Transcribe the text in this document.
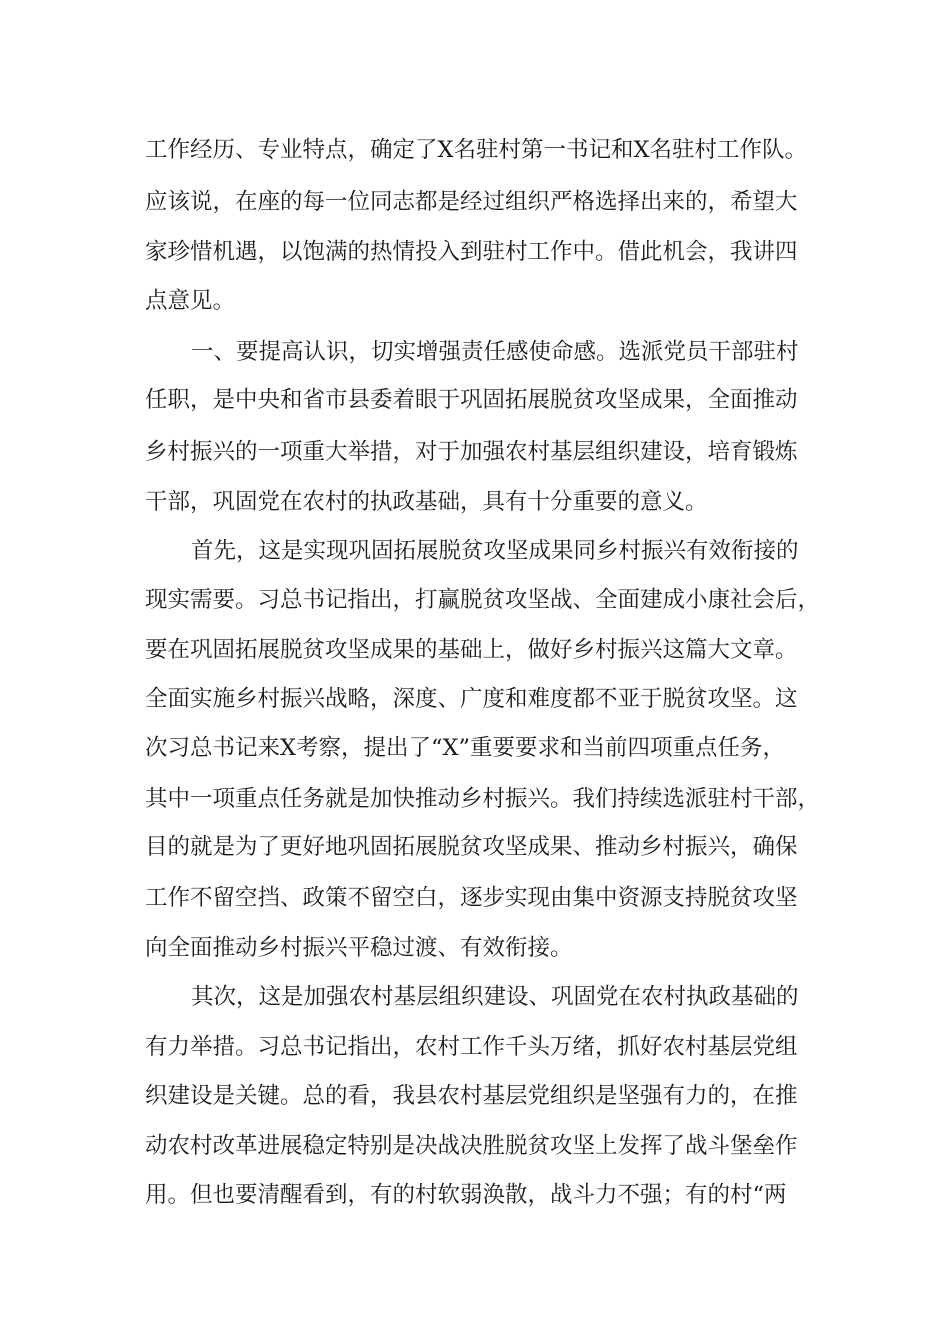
工作经历、专业特点，确定了X名驻村第一书记和X名驻村工作队。
应该说，在座的每一位同志都是经过组织严格选择出来的，希望大
家珍惜机遇，以饱满的热情投入到驻村工作中。借此机会，我讲四
点意见。
一、要提高认识，切实增强责任感使命感。选派党员干部驻村
任职，是中央和省市县委着眼于巩固拓展脱贫攻坚成果，全面推动
乡村振兴的一项重大举措，对于加强农村基层组织建设，培育锻炼
干部，巩固党在农村的执政基础，具有十分重要的意义。
首先，这是实现巩固拓展脱贫攻坚成果同乡村振兴有效衔接的
现实需要。习总书记指出，打赢脱贫攻坚战、全面建成小康社会后，
要在巩固拓展脱贫攻坚成果的基础上，做好乡村振兴这篇大文章。
全面实施乡村振兴战略，深度、广度和难度都不亚于脱贫攻坚。这
次习总书记来X考察，提出了“X”重要要求和当前四项重点任务，
其中一项重点任务就是加快推动乡村振兴。我们持续选派驻村干部，
目的就是为了更好地巩固拓展脱贫攻坚成果、推动乡村振兴，确保
工作不留空挡、政策不留空白，逐步实现由集中资源支持脱贫攻坚
向全面推动乡村振兴平稳过渡、有效衔接。
其次，这是加强农村基层组织建设、巩固党在农村执政基础的
有力举措。习总书记指出，农村工作千头万绪，抓好农村基层党组
织建设是关键。总的看，我县农村基层党组织是坚强有力的，在推
动农村改革进展稳定特别是决战决胜脱贫攻坚上发挥了战斗堡垒作
用。但也要清醒看到，有的村软弱涣散，战斗力不强；有的村“两
